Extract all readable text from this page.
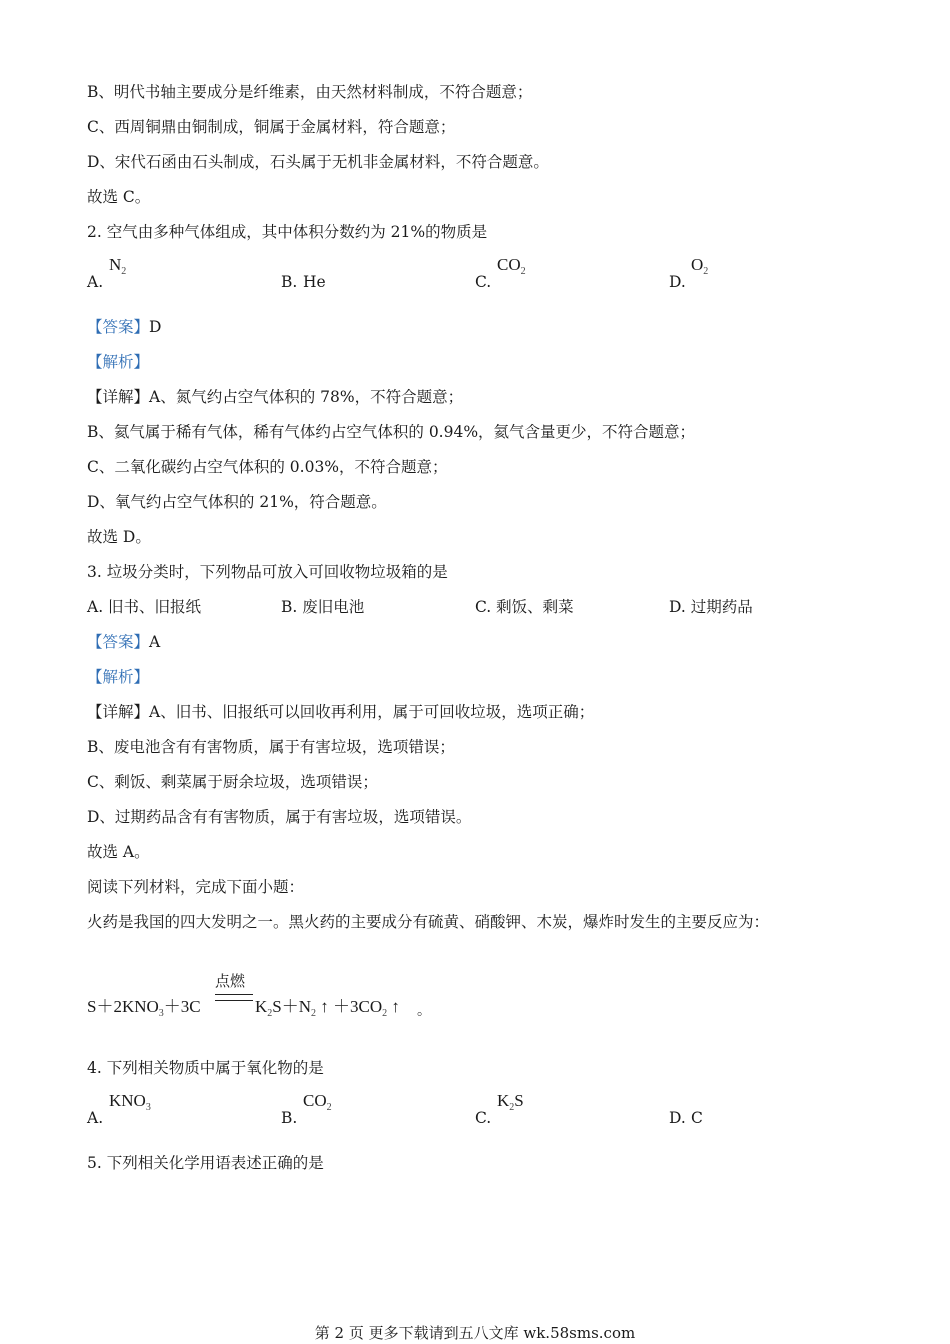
B、明代书轴主要成分是纤维素，由天然材料制成，不符合题意；
C、西周铜鼎由铜制成，铜属于金属材料，符合题意；
D、宋代石函由石头制成，石头属于无机非金属材料，不符合题意。
故选 C。
2. 空气由多种气体组成，其中体积分数约为 21%的物质是
A.
$N_2$
B. He	C.
$CO_2$
D.
$O_2$
【答案】D
【解析】
【详解】A、氮气约占空气体积的 78%，不符合题意；
B、氦气属于稀有气体，稀有气体约占空气体积的 0.94%，氦气含量更少，不符合题意；
C、二氧化碳约占空气体积的 0.03%，不符合题意；
D、氧气约占空气体积的 21%，符合题意。
故选 D。
3. 垃圾分类时，下列物品可放入可回收物垃圾箱的是
A. 旧书、旧报纸	B. 废旧电池	C. 剩饭、剩菜	D. 过期药品
【答案】A
【解析】
【详解】A、旧书、旧报纸可以回收再利用，属于可回收垃圾，选项正确；
B、废电池含有有害物质，属于有害垃圾，选项错误；
C、剩饭、剩菜属于厨余垃圾，选项错误；
D、过期药品含有有害物质，属于有害垃圾，选项错误。
故选 A。
阅读下列材料，完成下面小题：
火药是我国的四大发明之一。黑火药的主要成分有硫黄、硝酸钾、木炭，爆炸时发生的主要反应为：
$S+2KNO_3+3C$
点燃
$K_2S+N_2$ ↑ $+3CO_2$ ↑ 。
4. 下列相关物质中属于氧化物的是
A.
$KNO_3$
B.
$CO_2$
C.
$K_2S$
D. C
5. 下列相关化学用语表述正确的是
第 2 页 更多下载请到五八文库 wk.58sms.com
